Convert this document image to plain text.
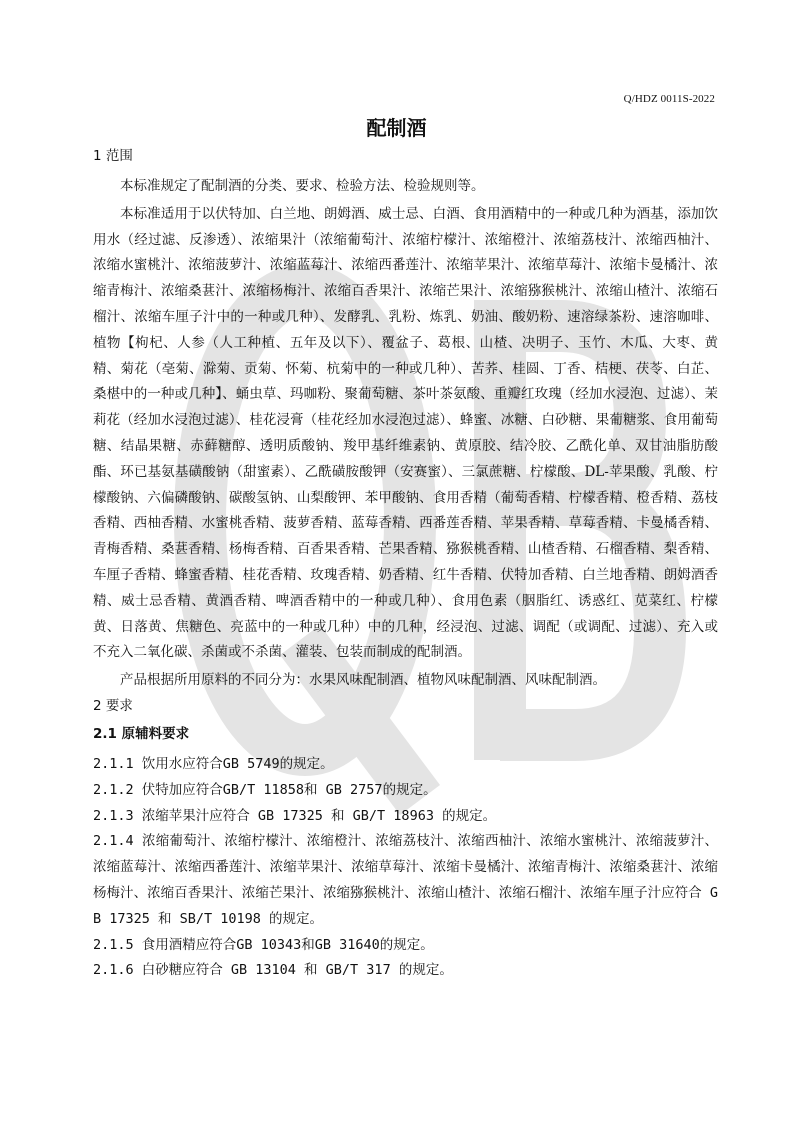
Q/HDZ 0011S-2022
配制酒
1 范围

本标准规定了配制酒的分类、要求、检验方法、检验规则等。

本标准适用于以伏特加、白兰地、朗姆酒、威士忌、白酒、食用酒精中的一种或几种为酒基，添加饮用水（经过滤、反渗透）、浓缩果汁（浓缩葡萄汁、浓缩柠檬汁、浓缩橙汁、浓缩荔枝汁、浓缩西柚汁、浓缩水蜜桃汁、浓缩菠萝汁、浓缩蓝莓汁、浓缩西番莲汁、浓缩苹果汁、浓缩草莓汁、浓缩卡曼橘汁、浓缩青梅汁、浓缩桑葚汁、浓缩杨梅汁、浓缩百香果汁、浓缩芒果汁、浓缩猕猴桃汁、浓缩山楂汁、浓缩石榴汁、浓缩车厘子汁中的一种或几种）、发酵乳、乳粉、炼乳、奶油、酸奶粉、速溶绿茶粉、速溶咖啡、植物【枸杞、人参（人工种植、五年及以下）、覆盆子、葛根、山楂、决明子、玉竹、木瓜、大枣、黄精、菊花（亳菊、滁菊、贡菊、怀菊、杭菊中的一种或几种）、苦荞、桂圆、丁香、桔梗、茯苓、白芷、桑椹中的一种或几种】、蛹虫草、玛咖粉、聚葡萄糖、茶叶茶氨酸、重瓣红玫瑰（经加水浸泡、过滤）、茉莉花（经加水浸泡过滤）、桂花浸膏（桂花经加水浸泡过滤）、蜂蜜、冰糖、白砂糖、果葡糖浆、食用葡萄糖、结晶果糖、赤藓糖醇、透明质酸钠、羧甲基纤维素钠、黄原胶、结冷胶、乙酰化单、双甘油脂肪酸酯、环已基氨基磺酸钠（甜蜜素）、乙酰磺胺酸钾（安赛蜜）、三氯蔗糖、柠檬酸、DL-苹果酸、乳酸、柠檬酸钠、六偏磷酸钠、碳酸氢钠、山梨酸钾、苯甲酸钠、食用香精（葡萄香精、柠檬香精、橙香精、荔枝香精、西柚香精、水蜜桃香精、菠萝香精、蓝莓香精、西番莲香精、苹果香精、草莓香精、卡曼橘香精、青梅香精、桑葚香精、杨梅香精、百香果香精、芒果香精、猕猴桃香精、山楂香精、石榴香精、梨香精、车厘子香精、蜂蜜香精、桂花香精、玫瑰香精、奶香精、红牛香精、伏特加香精、白兰地香精、朗姆酒香精、威士忌香精、黄酒香精、啤酒香精中的一种或几种）、食用色素（胭脂红、诱惑红、苋菜红、柠檬黄、日落黄、焦糖色、亮蓝中的一种或几种）中的几种，经浸泡、过滤、调配（或调配、过滤）、充入或不充入二氧化碳、杀菌或不杀菌、灌装、包装而制成的配制酒。

产品根据所用原料的不同分为：水果风味配制酒、植物风味配制酒、风味配制酒。

2 要求
2.1 原辅料要求

2.1.1 饮用水应符合GB 5749的规定。

2.1.2 伏特加应符合GB/T 11858和 GB 2757的规定。

2.1.3 浓缩苹果汁应符合 GB 17325 和 GB/T 18963 的规定。

2.1.4 浓缩葡萄汁、浓缩柠檬汁、浓缩橙汁、浓缩荔枝汁、浓缩西柚汁、浓缩水蜜桃汁、浓缩菠萝汁、浓缩蓝莓汁、浓缩西番莲汁、浓缩苹果汁、浓缩草莓汁、浓缩卡曼橘汁、浓缩青梅汁、浓缩桑葚汁、浓缩杨梅汁、浓缩百香果汁、浓缩芒果汁、浓缩猕猴桃汁、浓缩山楂汁、浓缩石榴汁、浓缩车厘子汁应符合 GB 17325 和 SB/T 10198 的规定。

2.1.5 食用酒精应符合GB 10343和GB 31640的规定。

2.1.6 白砂糖应符合 GB 13104 和 GB/T 317 的规定。
